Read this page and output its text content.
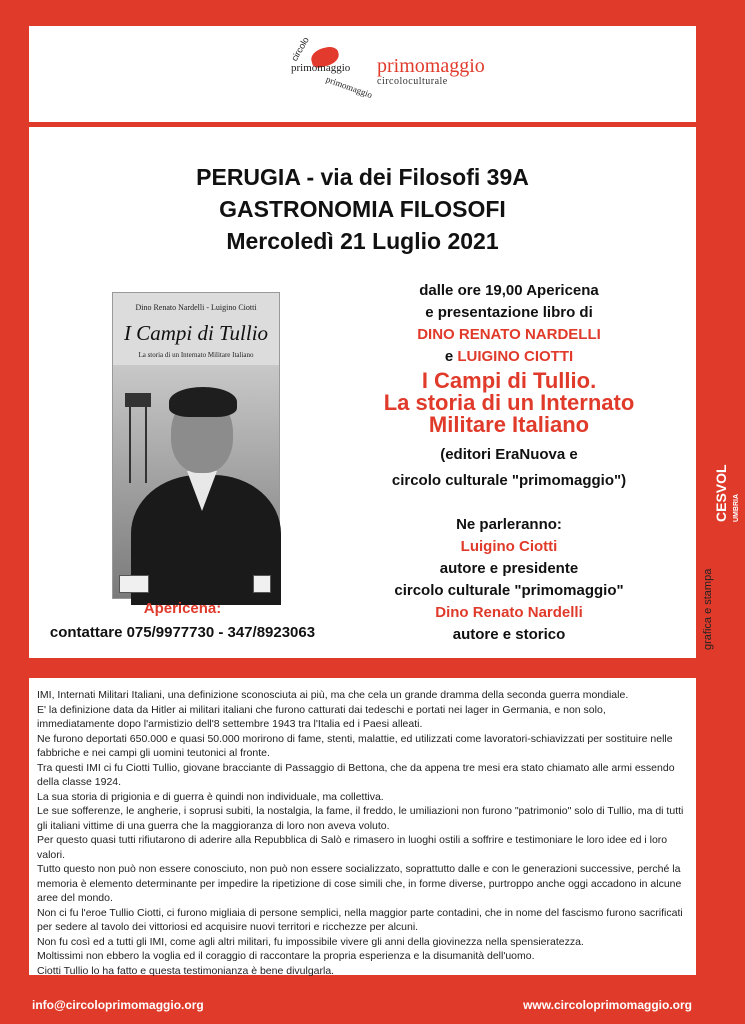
circolo
primomaggio
primomaggio
primomaggio
circoloculturale
PERUGIA - via dei Filosofi 39A
GASTRONOMIA FILOSOFI
Mercoledì 21 Luglio 2021
Dino Renato Nardelli - Luigino Ciotti
I Campi di Tullio
La storia di un Internato Militare Italiano
dalle ore 19,00 Apericena
e presentazione libro di
DINO RENATO NARDELLI
e LUIGINO CIOTTI
I Campi di Tullio.
La storia di un Internato
Militare Italiano
(editori EraNuova e
circolo culturale "primomaggio")
Ne parleranno:
Luigino Ciotti
autore e presidente
circolo culturale "primomaggio"
Dino Renato Nardelli
autore e storico
Apericena:
contattare 075/9977730 - 347/8923063	grafica e stampa
CESVOL UMBRIA

IMI, Internati Militari Italiani, una definizione sconosciuta ai più, ma che cela un grande dramma della seconda guerra mondiale.

E' la definizione data da Hitler ai militari italiani che furono catturati dai tedeschi e portati nei lager in Germania, e non solo, immediatamente dopo l'armistizio dell'8 settembre 1943 tra l'Italia ed i Paesi alleati.

Ne furono deportati 650.000 e quasi 50.000 morirono di fame, stenti, malattie, ed utilizzati come lavoratori-schiavizzati per sostituire nelle fabbriche e nei campi gli uomini teutonici al fronte.

Tra questi IMI ci fu Ciotti Tullio, giovane bracciante di Passaggio di Bettona, che da appena tre mesi era stato chiamato alle armi essendo della classe 1924.

La sua storia di prigionia e di guerra è quindi non individuale, ma collettiva.

Le sue sofferenze, le angherie, i soprusi subiti, la nostalgia, la fame, il freddo, le umiliazioni non furono "patrimonio" solo di Tullio, ma di tutti gli italiani vittime di una guerra che la maggioranza di loro non aveva voluto.

Per questo quasi tutti rifiutarono di aderire alla Repubblica di Salò e rimasero in luoghi ostili a soffrire e testimoniare le loro idee ed i loro valori.

Tutto questo non può non essere conosciuto, non può non essere socializzato, soprattutto dalle e con le generazioni successive, perché la memoria è elemento determinante per impedire la ripetizione di cose simili che, in forme diverse, purtroppo anche oggi accadono in alcune aree del mondo.

Non ci fu l'eroe Tullio Ciotti, ci furono migliaia di persone semplici, nella maggior parte contadini, che in nome del fascismo furono sacrificati per sedere al tavolo dei vittoriosi ed acquisire nuovi territori e ricchezze per alcuni.

Non fu così ed a tutti gli IMI, come agli altri militari, fu impossibile vivere gli anni della giovinezza nella spensieratezza.

Moltissimi non ebbero la voglia ed il coraggio di raccontare la propria esperienza e la disumanità dell'uomo.

Ciotti Tullio lo ha fatto e questa testimonianza è bene divulgarla.

info@circoloprimomaggio.org	www.circoloprimomaggio.org
